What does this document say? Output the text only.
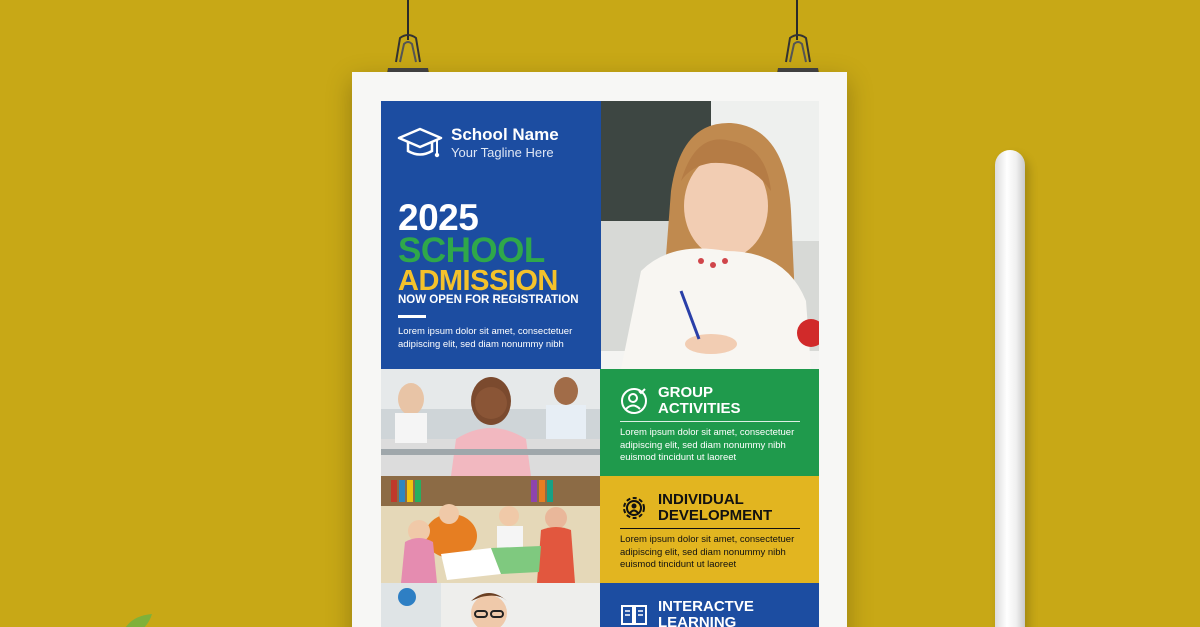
School Name
Your Tagline Here
2025
SCHOOL
ADMISSION
NOW OPEN FOR REGISTRATION
Lorem ipsum dolor sit amet, consectetuer adipiscing elit, sed diam nonummy nibh
GROUP
ACTIVITIES
Lorem ipsum dolor sit amet, consectetuer adipiscing elit, sed diam nonummy nibh euismod tincidunt ut laoreet
INDIVIDUAL
DEVELOPMENT
Lorem ipsum dolor sit amet, consectetuer adipiscing elit, sed diam nonummy nibh euismod tincidunt ut laoreet
INTERACTVE
LEARNING
